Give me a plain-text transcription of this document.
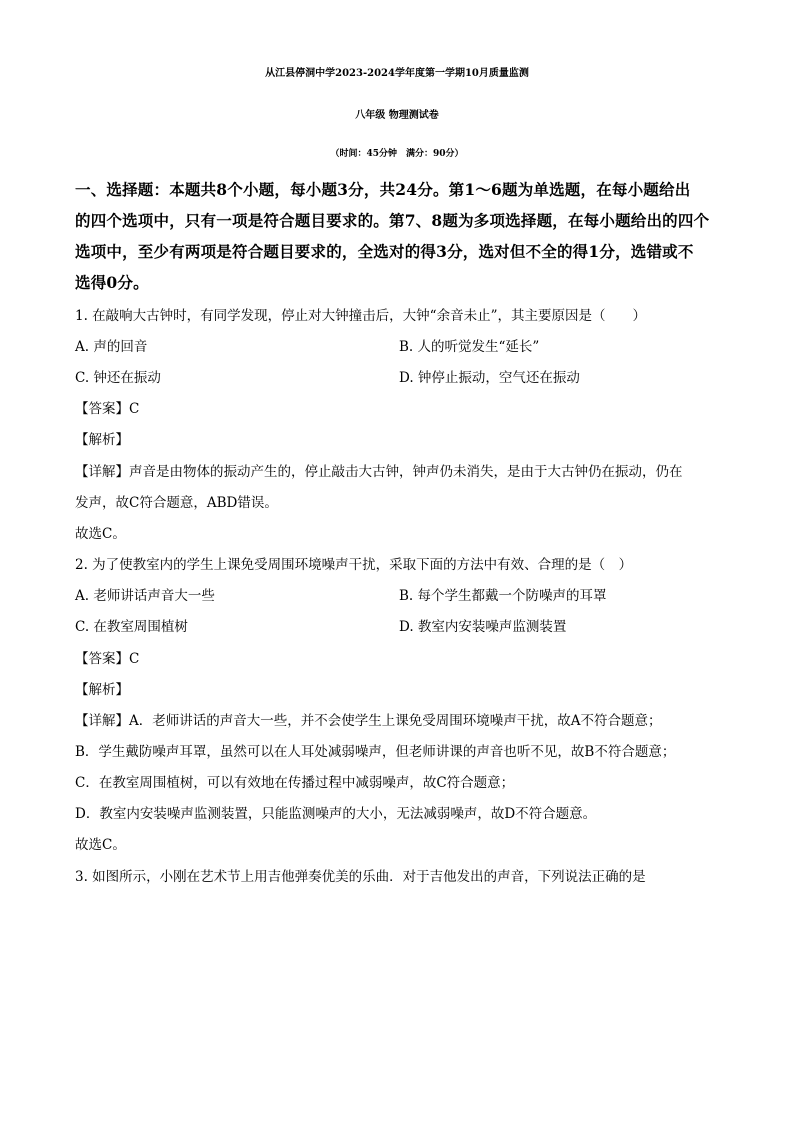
从江县停洞中学2023-2024学年度第一学期10月质量监测
八年级 物理测试卷
（时间：45分钟　满分：90分）
一、选择题：本题共8个小题，每小题3分，共24分。第1～6题为单选题，在每小题给出
的四个选项中，只有一项是符合题目要求的。第7、8题为多项选择题，在每小题给出的四个
选项中，至少有两项是符合题目要求的，全选对的得3分，选对但不全的得1分，选错或不
选得0分。
1. 在敲响大古钟时，有同学发现，停止对大钟撞击后，大钟“余音未止”，其主要原因是（　　）
A. 声的回音	B. 人的听觉发生“延长”
C. 钟还在振动	D. 钟停止振动，空气还在振动
【答案】C
【解析】
【详解】声音是由物体的振动产生的，停止敲击大古钟，钟声仍未消失，是由于大古钟仍在振动，仍在
发声，故C符合题意，ABD错误。
故选C。
2. 为了使教室内的学生上课免受周围环境噪声干扰，采取下面的方法中有效、合理的是（　）
A. 老师讲话声音大一些	B. 每个学生都戴一个防噪声的耳罩
C. 在教室周围植树	D. 教室内安装噪声监测装置
【答案】C
【解析】
【详解】A．老师讲话的声音大一些，并不会使学生上课免受周围环境噪声干扰，故A不符合题意；
B．学生戴防噪声耳罩，虽然可以在人耳处减弱噪声，但老师讲课的声音也听不见，故B不符合题意；
C．在教室周围植树，可以有效地在传播过程中减弱噪声，故C符合题意；
D．教室内安装噪声监测装置，只能监测噪声的大小，无法减弱噪声，故D不符合题意。
故选C。
3. 如图所示，小刚在艺术节上用吉他弹奏优美的乐曲．对于吉他发出的声音，下列说法正确的是
